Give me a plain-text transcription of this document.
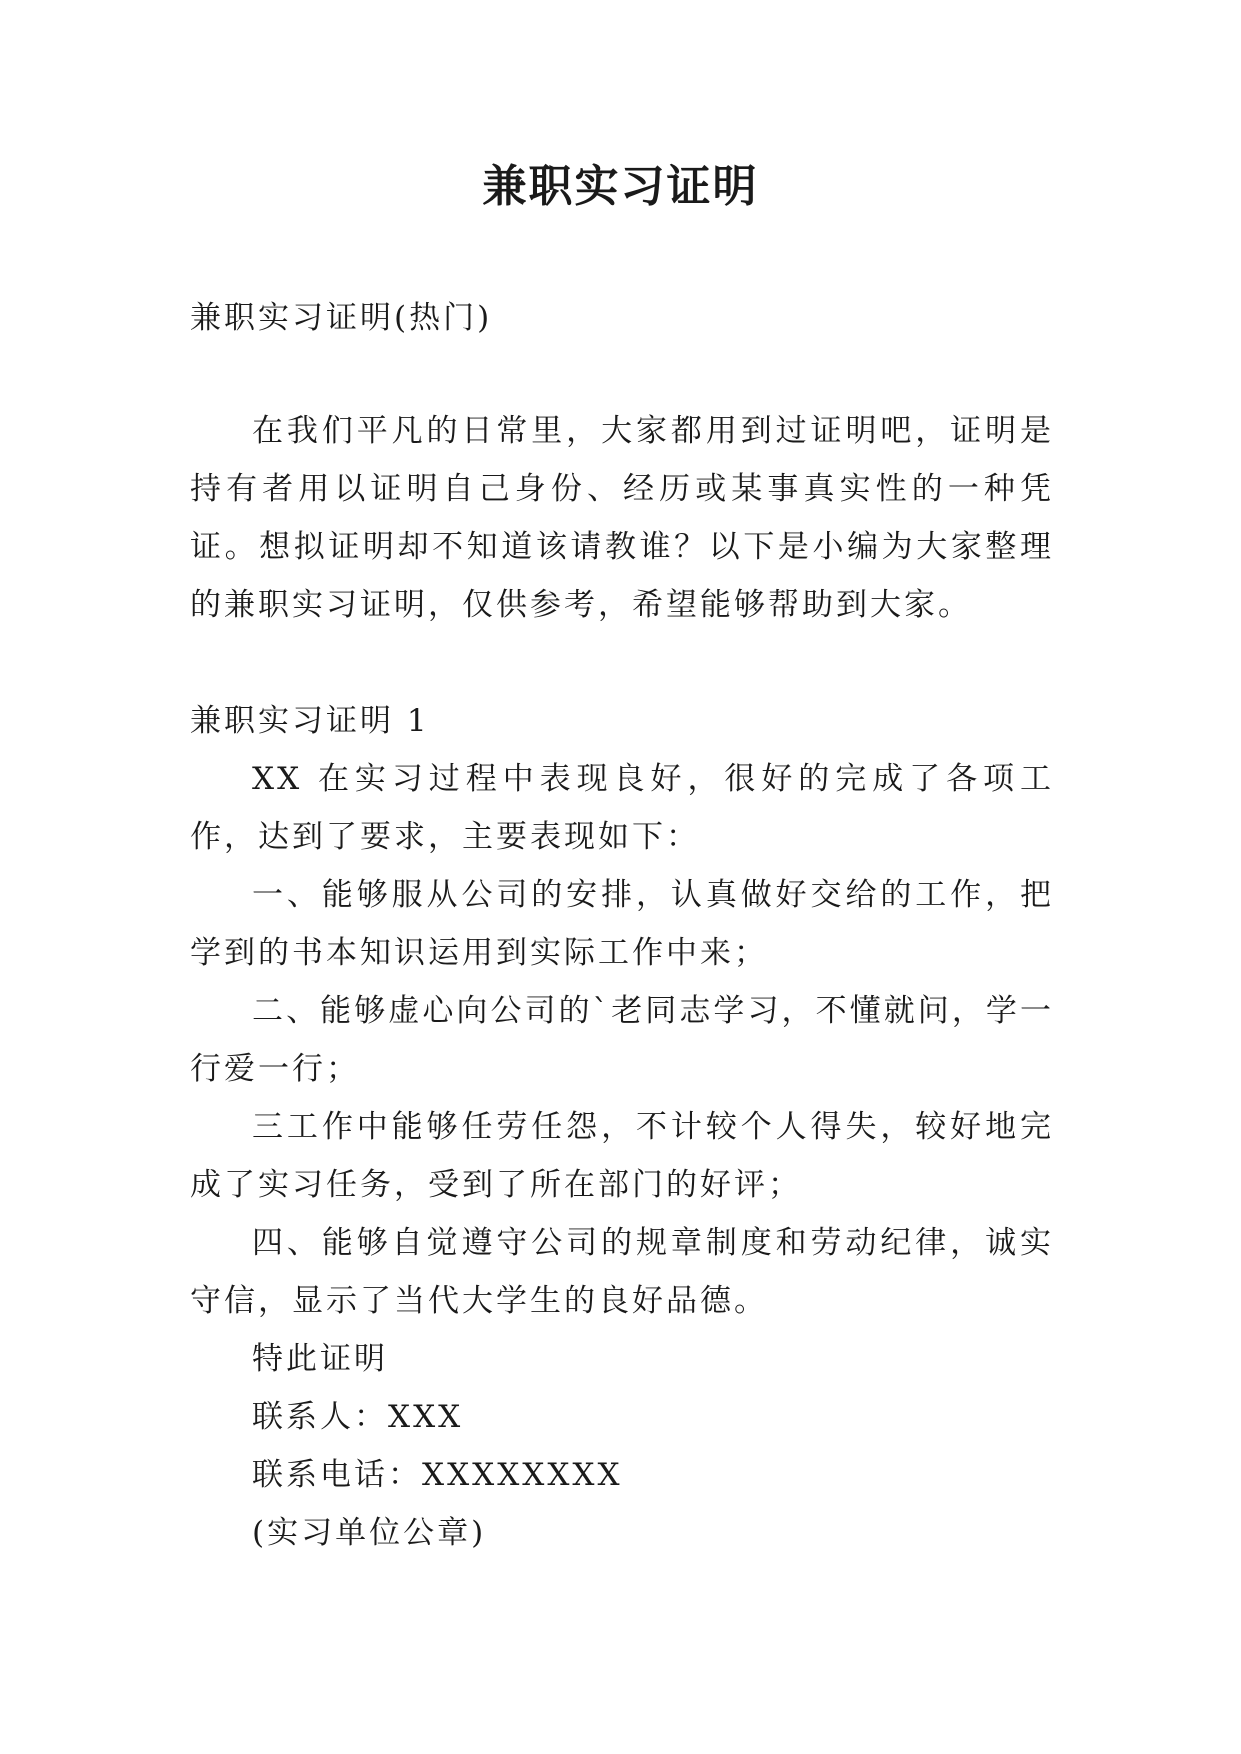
兼职实习证明
兼职实习证明(热门)

在我们平凡的日常里，大家都用到过证明吧，证明是持有者用以证明自己身份、经历或某事真实性的一种凭证。想拟证明却不知道该请教谁？以下是小编为大家整理的兼职实习证明，仅供参考，希望能够帮助到大家。

兼职实习证明 1

XX 在实习过程中表现良好，很好的完成了各项工作，达到了要求，主要表现如下：

一、能够服从公司的安排，认真做好交给的工作，把学到的书本知识运用到实际工作中来；

二、能够虚心向公司的`老同志学习，不懂就问，学一行爱一行；

三工作中能够任劳任怨，不计较个人得失，较好地完成了实习任务，受到了所在部门的好评；

四、能够自觉遵守公司的规章制度和劳动纪律，诚实守信，显示了当代大学生的良好品德。

特此证明

联系人：XXX

联系电话：XXXXXXXX

(实习单位公章)
